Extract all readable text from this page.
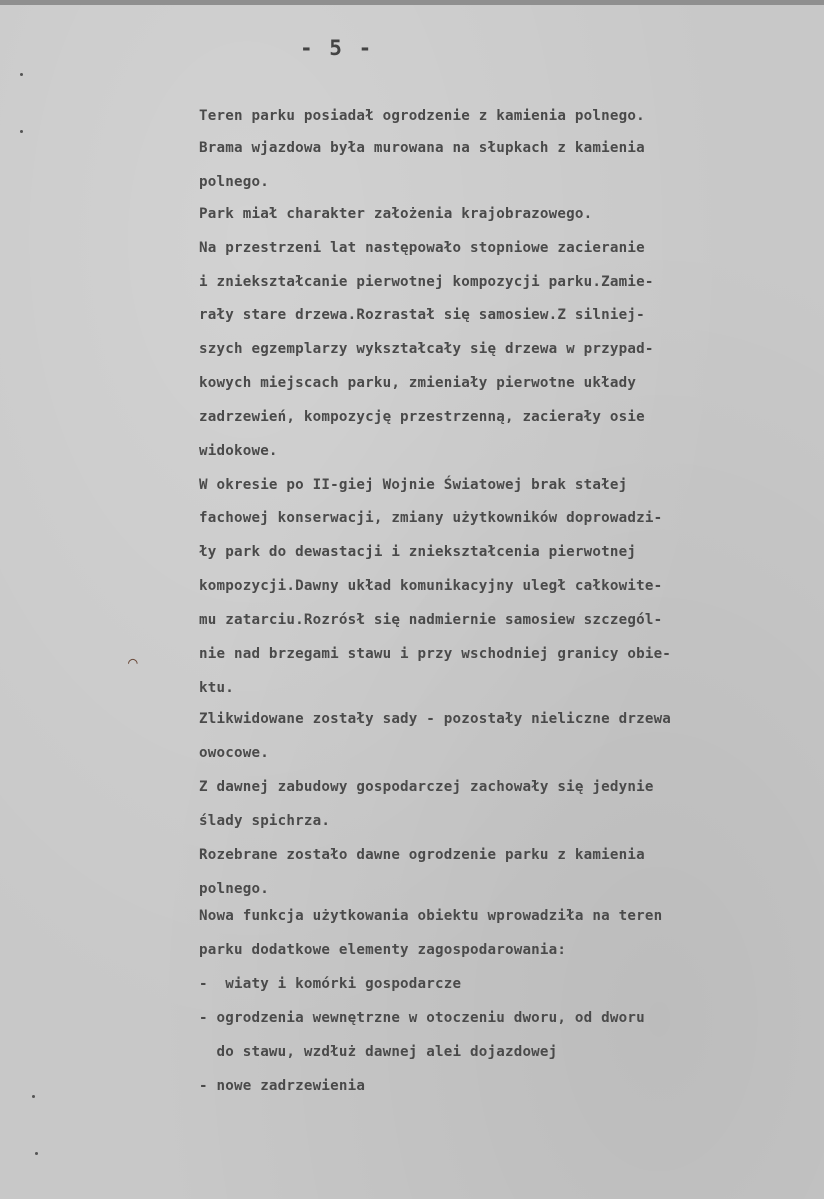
- 5 -
Teren parku posiadał ogrodzenie z kamienia polnego.
Brama wjazdowa była murowana na słupkach z kamienia
polnego.
Park miał charakter założenia krajobrazowego.
Na przestrzeni lat następowało stopniowe zacieranie
i zniekształcanie pierwotnej kompozycji parku.Zamie-
rały stare drzewa.Rozrastał się samosiew.Z silniej-
szych egzemplarzy wykształcały się drzewa w przypad-
kowych miejscach parku, zmieniały pierwotne układy
zadrzewień, kompozycję przestrzenną, zacierały osie
widokowe.
W okresie po II-giej Wojnie Światowej brak stałej
fachowej konserwacji, zmiany użytkowników doprowadzi-
ły park do dewastacji i zniekształcenia pierwotnej
kompozycji.Dawny układ komunikacyjny uległ całkowite-
mu zatarciu.Rozrósł się nadmiernie samosiew szczegól-
nie nad brzegami stawu i przy wschodniej granicy obie-
ktu.
Zlikwidowane zostały sady - pozostały nieliczne drzewa
owocowe.
Z dawnej zabudowy gospodarczej zachowały się jedynie
ślady spichrza.
Rozebrane zostało dawne ogrodzenie parku z kamienia
polnego.
Nowa funkcja użytkowania obiektu wprowadziła na teren
parku dodatkowe elementy zagospodarowania:
-  wiaty i komórki gospodarcze
- ogrodzenia wewnętrzne w otoczeniu dworu, od dworu
do stawu, wzdłuż dawnej alei dojazdowej
- nowe zadrzewienia
⌒
